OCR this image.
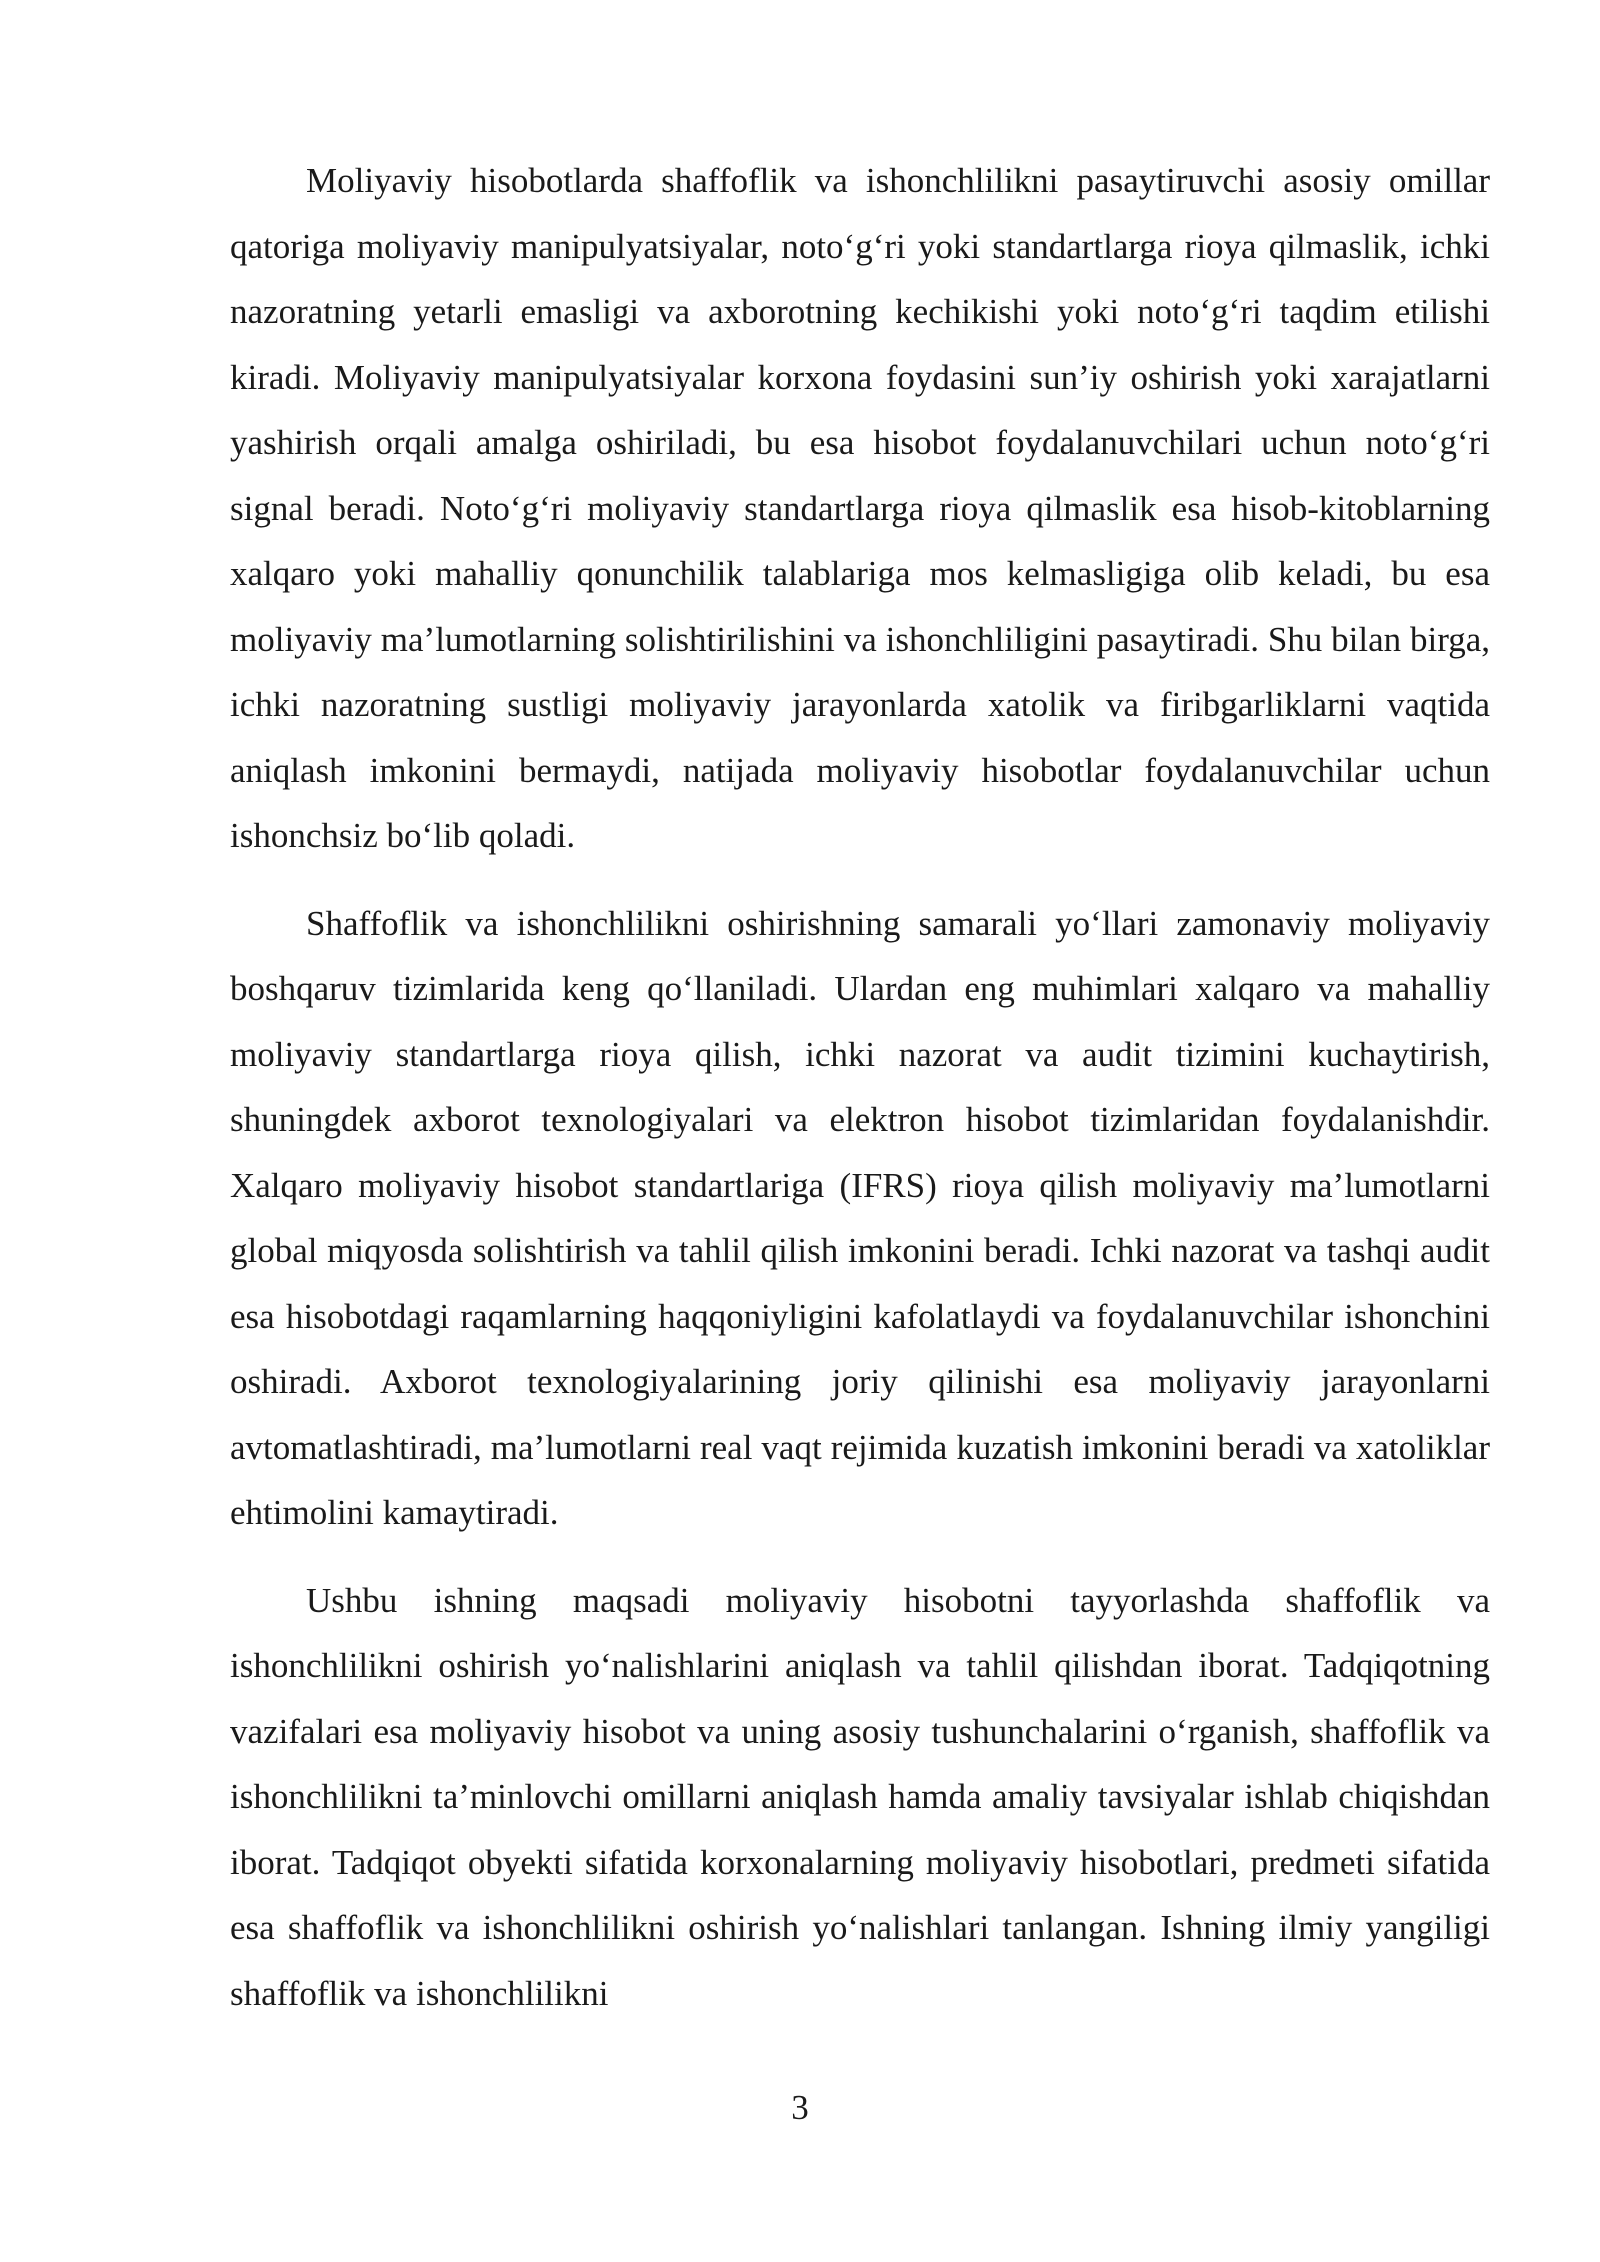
Moliyaviy hisobotlarda shaffoflik va ishonchlilikni pasaytiruvchi asosiy omillar qatoriga moliyaviy manipulyatsiyalar, noto‘g‘ri yoki standartlarga rioya qilmaslik, ichki nazoratning yetarli emasligi va axborotning kechikishi yoki noto‘g‘ri taqdim etilishi kiradi. Moliyaviy manipulyatsiyalar korxona foydasini sun’iy oshirish yoki xarajatlarni yashirish orqali amalga oshiriladi, bu esa hisobot foydalanuvchilari uchun noto‘g‘ri signal beradi. Noto‘g‘ri moliyaviy standartlarga rioya qilmaslik esa hisob-kitoblarning xalqaro yoki mahalliy qonunchilik talablariga mos kelmasligiga olib keladi, bu esa moliyaviy ma’lumotlarning solishtirilishini va ishonchliligini pasaytiradi. Shu bilan birga, ichki nazoratning sustligi moliyaviy jarayonlarda xatolik va firibgarliklarni vaqtida aniqlash imkonini bermaydi, natijada moliyaviy hisobotlar foydalanuvchilar uchun ishonchsiz bo‘lib qoladi.

Shaffoflik va ishonchlilikni oshirishning samarali yo‘llari zamonaviy moliyaviy boshqaruv tizimlarida keng qo‘llaniladi. Ulardan eng muhimlari xalqaro va mahalliy moliyaviy standartlarga rioya qilish, ichki nazorat va audit tizimini kuchaytirish, shuningdek axborot texnologiyalari va elektron hisobot tizimlaridan foydalanishdir. Xalqaro moliyaviy hisobot standartlariga (IFRS) rioya qilish moliyaviy ma’lumotlarni global miqyosda solishtirish va tahlil qilish imkonini beradi. Ichki nazorat va tashqi audit esa hisobotdagi raqamlarning haqqoniyligini kafolatlaydi va foydalanuvchilar ishonchini oshiradi. Axborot texnologiyalarining joriy qilinishi esa moliyaviy jarayonlarni avtomatlashtiradi, ma’lumotlarni real vaqt rejimida kuzatish imkonini beradi va xatoliklar ehtimolini kamaytiradi.

Ushbu ishning maqsadi moliyaviy hisobotni tayyorlashda shaffoflik va ishonchlilikni oshirish yo‘nalishlarini aniqlash va tahlil qilishdan iborat. Tadqiqotning vazifalari esa moliyaviy hisobot va uning asosiy tushunchalarini o‘rganish, shaffoflik va ishonchlilikni ta’minlovchi omillarni aniqlash hamda amaliy tavsiyalar ishlab chiqishdan iborat. Tadqiqot obyekti sifatida korxonalarning moliyaviy hisobotlari, predmeti sifatida esa shaffoflik va ishonchlilikni oshirish yo‘nalishlari tanlangan. Ishning ilmiy yangiligi shaffoflik va ishonchlilikni

3
